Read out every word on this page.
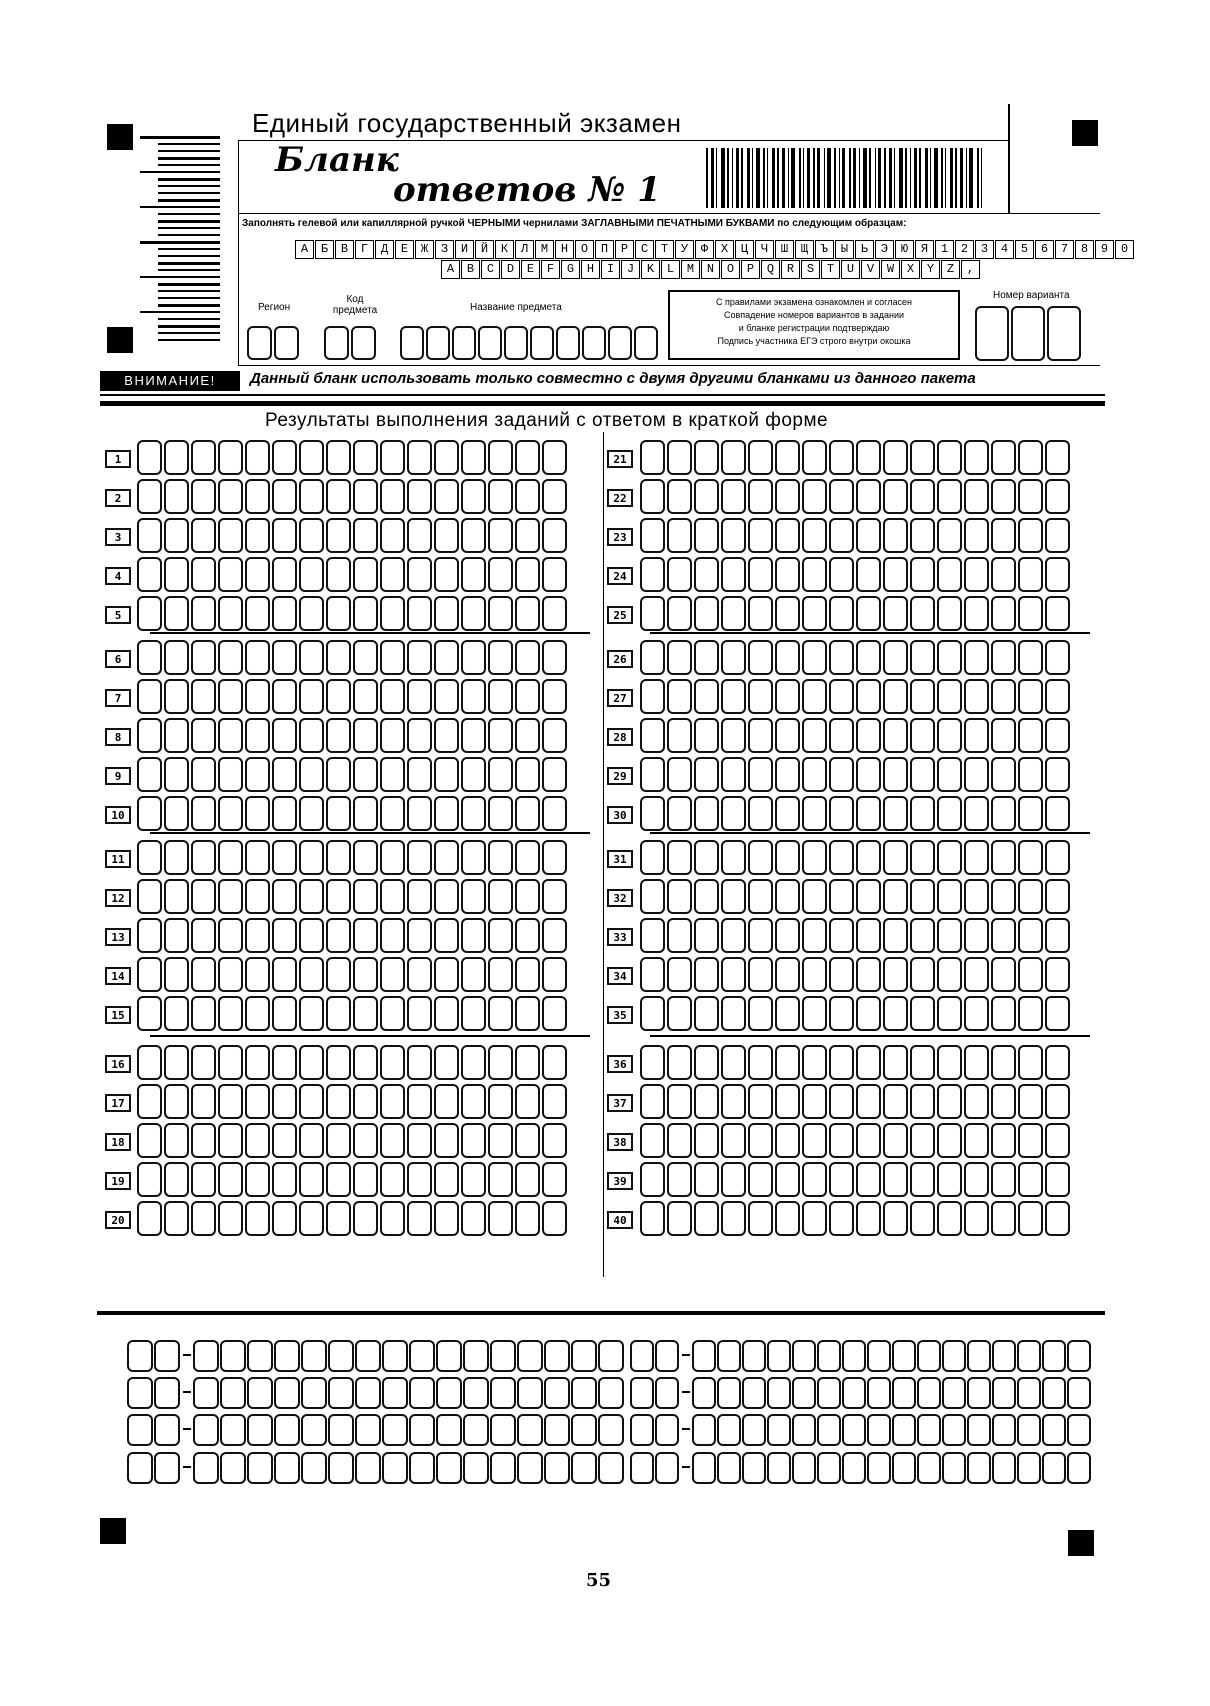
Единый государственный экзамен
Бланк
ответов № 1
Заполнять гелевой или капиллярной ручкой ЧЕРНЫМИ чернилами ЗАГЛАВНЫМИ ПЕЧАТНЫМИ БУКВАМИ по следующим образцам:
А Б В Г Д Е Ж З И Й К Л М Н О П Р С Т У Ф Х Ц Ч Ш Щ Ъ Ы Ь Э Ю Я 1 2 3 4 5 6 7 8 9 0
A B C D E F G H I J K L M N O P Q R S T U V W X Y Z ,
Регион
Код предмета	Название предмета	С правилами экзамена ознакомлен и согласен
Совпадение номеров вариантов в задании
и бланке регистрации подтверждаю
Подпись участника ЕГЭ строго внутри окошка
Номер варианта
ВНИМАНИЕ!	Данный бланк использовать только совместно с двумя другими бланками из данного пакета
Результаты выполнения заданий с ответом в краткой форме
1
2
3
4
5
6
7
8
9
10
11
12
13
14
15
16
17
18
19
20
21
22
23
24
25
26
27
28
29
30
31
32
33
34
35
36
37
38
39
40
55
